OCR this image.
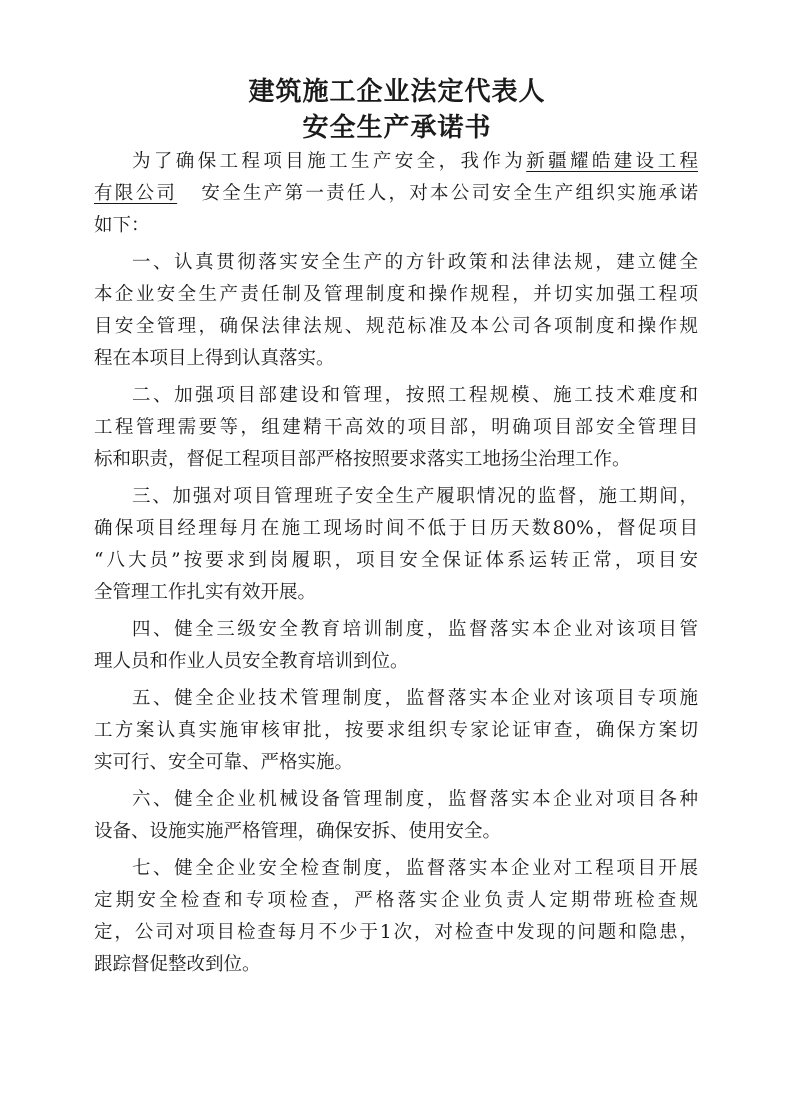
建筑施工企业法定代表人
安全生产承诺书
为了确保工程项目施工生产安全，我作为新疆耀皓建设工程
有限公司 安全生产第一责任人，对本公司安全生产组织实施承诺
如下：
一、认真贯彻落实安全生产的方针政策和法律法规，建立健全
本企业安全生产责任制及管理制度和操作规程，并切实加强工程项
目安全管理，确保法律法规、规范标准及本公司各项制度和操作规
程在本项目上得到认真落实。
二、加强项目部建设和管理，按照工程规模、施工技术难度和
工程管理需要等，组建精干高效的项目部，明确项目部安全管理目
标和职责，督促工程项目部严格按照要求落实工地扬尘治理工作。
三、加强对项目管理班子安全生产履职情况的监督，施工期间，
确保项目经理每月在施工现场时间不低于日历天数80%，督促项目
“八大员”按要求到岗履职，项目安全保证体系运转正常，项目安
全管理工作扎实有效开展。
四、健全三级安全教育培训制度，监督落实本企业对该项目管
理人员和作业人员安全教育培训到位。
五、健全企业技术管理制度，监督落实本企业对该项目专项施
工方案认真实施审核审批，按要求组织专家论证审查，确保方案切
实可行、安全可靠、严格实施。
六、健全企业机械设备管理制度，监督落实本企业对项目各种
设备、设施实施严格管理，确保安拆、使用安全。
七、健全企业安全检查制度，监督落实本企业对工程项目开展
定期安全检查和专项检查，严格落实企业负责人定期带班检查规
定，公司对项目检查每月不少于1次，对检查中发现的问题和隐患，
跟踪督促整改到位。
